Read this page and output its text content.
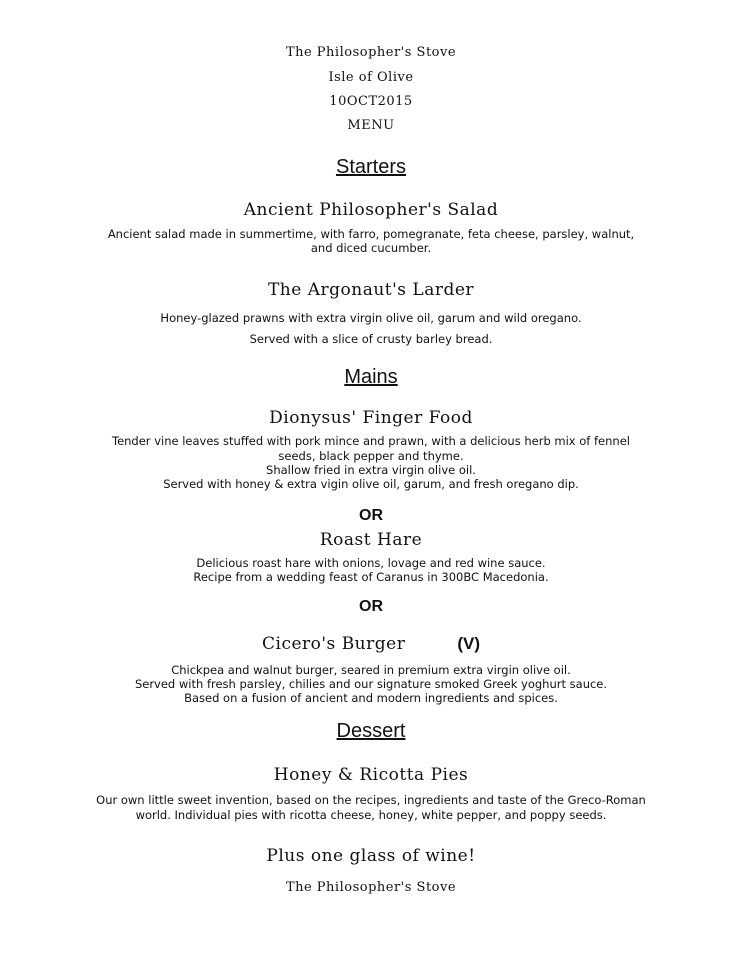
The Philosopher's Stove
Isle of Olive
10OCT2015
MENU
Starters
Ancient Philosopher's Salad
Ancient salad made in summertime, with farro, pomegranate, feta cheese, parsley, walnut,
and diced cucumber.
The Argonaut's Larder
Honey-glazed prawns with extra virgin olive oil, garum and wild oregano.
Served with a slice of crusty barley bread.
Mains
Dionysus' Finger Food
Tender vine leaves stuffed with pork mince and prawn, with a delicious herb mix of fennel
seeds, black pepper and thyme.
Shallow fried in extra virgin olive oil.
Served with honey & extra vigin olive oil, garum, and fresh oregano dip.
OR
Roast Hare
Delicious roast hare with onions, lovage and red wine sauce.
Recipe from a wedding feast of Caranus in 300BC Macedonia.
OR
Cicero's Burger	(V)
Chickpea and walnut burger, seared in premium extra virgin olive oil.
Served with fresh parsley, chilies and our signature smoked Greek yoghurt sauce.
Based on a fusion of ancient and modern ingredients and spices.
Dessert
Honey & Ricotta Pies
Our own little sweet invention, based on the recipes, ingredients and taste of the Greco-Roman
world. Individual pies with ricotta cheese, honey, white pepper, and poppy seeds.
Plus one glass of wine!
The Philosopher's Stove
